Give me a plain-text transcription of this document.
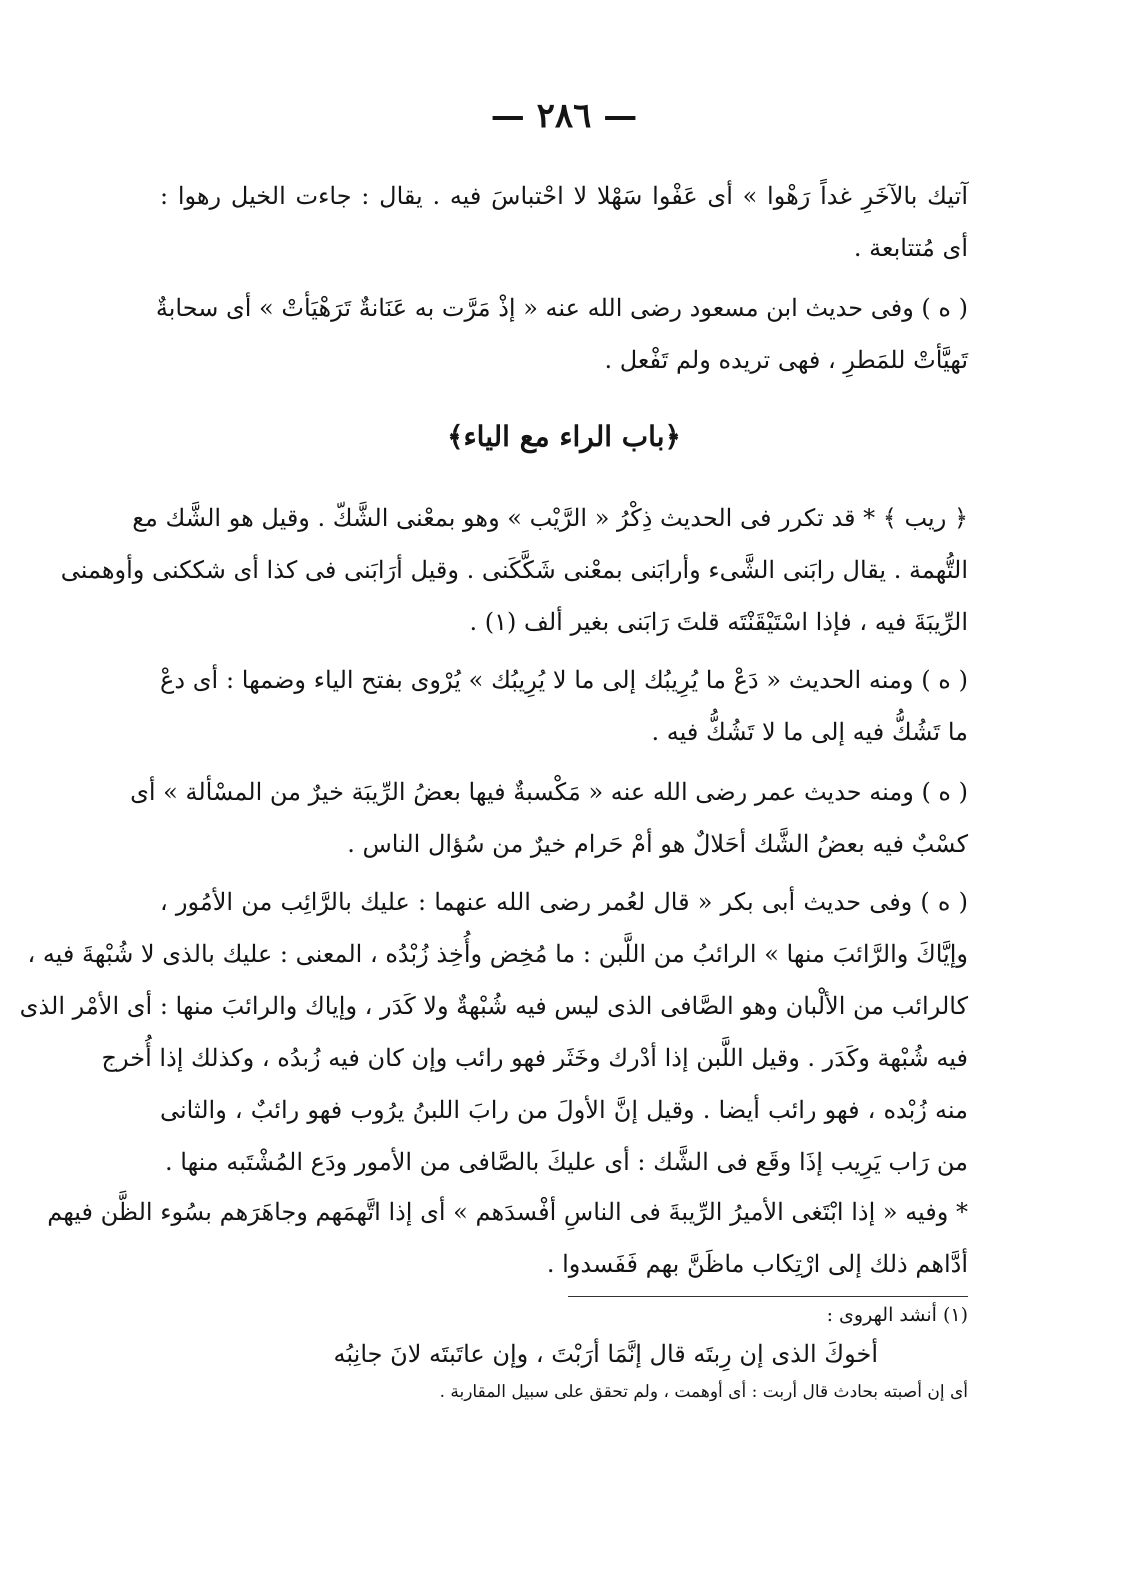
— ٢٨٦ —
آتيك بالآخَرِ غداً رَهْوا » أى عَفْوا سَهْلا لا احْتباسَ فيه . يقال : جاءت الخيل رهوا :
أى مُتتابعة .
( ه ) وفى حديث ابن مسعود رضى الله عنه « إذْ مَرَّت به عَنَانةٌ تَرَهْيَأتْ » أى سحابةٌ
تَهيَّأتْ للمَطرِ ، فهى تريده ولم تَفْعل .
﴿باب الراء مع الياء﴾
﴿ ريب ﴾ * قد تكرر فى الحديث ذِكْرُ « الرَّيْب » وهو بمعْنى الشَّكّ . وقيل هو الشَّك مع
التُّهمة . يقال رابَنى الشَّىء وأرابَنى بمعْنى شَكَّكَنى . وقيل أرَابَنى فى كذا أى شككنى وأوهمنى
الرِّيبَةَ فيه ، فإذا اسْتَيْقَنْتَه قلتَ رَابَنى بغير ألف (١) .
( ه ) ومنه الحديث « دَعْ ما يُرِيبُك إلى ما لا يُرِيبُك » يُرْوى بفتح الياء وضمها : أى دعْ
ما تَشُكُّ فيه إلى ما لا تَشُكُّ فيه .
( ه ) ومنه حديث عمر رضى الله عنه « مَكْسبةٌ فيها بعضُ الرِّيبَة خيرٌ من المسْألة » أى
كسْبٌ فيه بعضُ الشَّك أحَلالٌ هو أمْ حَرام خيرٌ من سُؤال الناس .
( ه ) وفى حديث أبى بكر « قال لعُمر رضى الله عنهما : عليك بالرَّائِب من الأمُور ،
وإيَّاكَ والرَّائبَ منها » الرائبُ من اللَّبن : ما مُخِض وأُخِذ زُبْدُه ، المعنى : عليك بالذى لا شُبْهةَ فيه ،
كالرائب من الألْبان وهو الصَّافى الذى ليس فيه شُبْهةٌ ولا كَدَر ، وإياك والرائبَ منها : أى الأمْر الذى
فيه شُبْهة وكَدَر . وقيل اللَّبن إذا أدْرك وخَثَر فهو رائب وإن كان فيه زُبدُه ، وكذلك إذا أُخرج
منه زُبْده ، فهو رائب أيضا . وقيل إنَّ الأولَ من رابَ اللبنُ يرُوب فهو رائبٌ ، والثانى
من رَاب يَرِيب إذَا وقَع فى الشَّك : أى عليكَ بالصَّافى من الأمور ودَع المُشْتَبه منها .
* وفيه « إذا ابْتَغى الأميرُ الرِّيبةَ فى الناسِ أفْسدَهم » أى إذا اتَّهمَهم وجاهَرَهم بسُوء الظَّن فيهم
أدَّاهم ذلك إلى ارْتِكاب ماظَنَّ بهم فَفَسدوا .
(١) أنشد الهروى :
أخوكَ الذى إن رِبتَه قال إنَّمَا أرَبْتَ ، وإن عاتَبتَه لانَ جانِبُه
أى إن أصبته بحادث قال أربت : أى أوهمت ، ولم تحقق على سبيل المقاربة .
